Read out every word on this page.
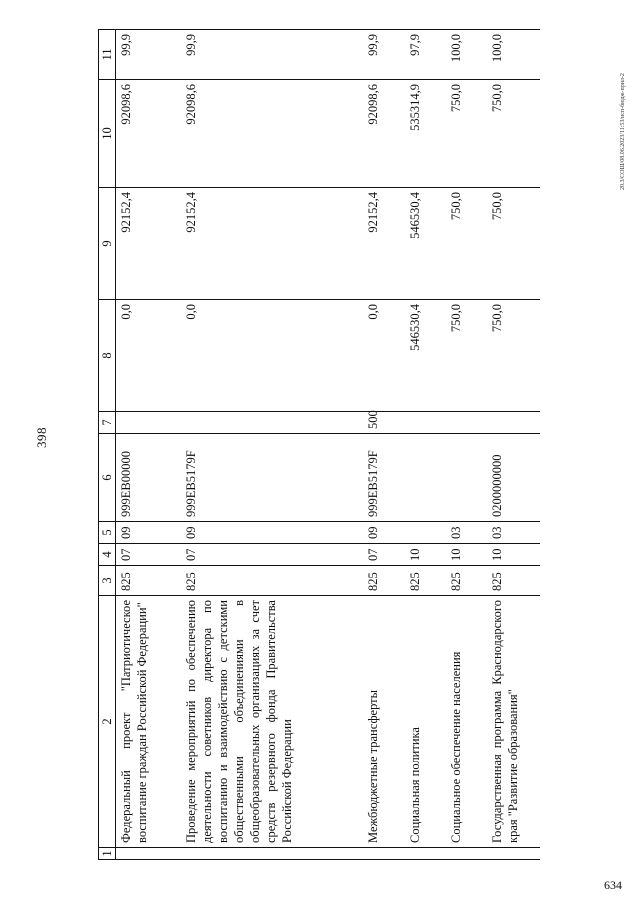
398
20.3/СОШ/08.06.2023/11:53/исп-бюдж-прил-2
634
1	2	3	4	5	6	7	8	9	10	11
	Федеральный проект "Патриотическое воспитание граждан Российской Федерации"	825	07	09	999EB00000		0,0	92152,4	92098,6	99,9

	Проведение мероприятий по обеспечению деятельности советников директора по воспитанию и взаимодействию с детскими общественными объединениями в общеобразовательных организациях за счет средств резервного фонда Правительства Российской Федерации	825	07	09	999EB5179F		0,0	92152,4	92098,6	99,9

	Межбюджетные трансферты	825	07	09	999EB5179F	500	0,0	92152,4	92098,6	99,9

	Социальная политика	825	10				546530,4	546530,4	535314,9	97,9

	Социальное обеспечение населения	825	10	03			750,0	750,0	750,0	100,0

	Государственная программа Краснодарского края "Развитие образования"	825	10	03	0200000000		750,0	750,0	750,0	100,0
